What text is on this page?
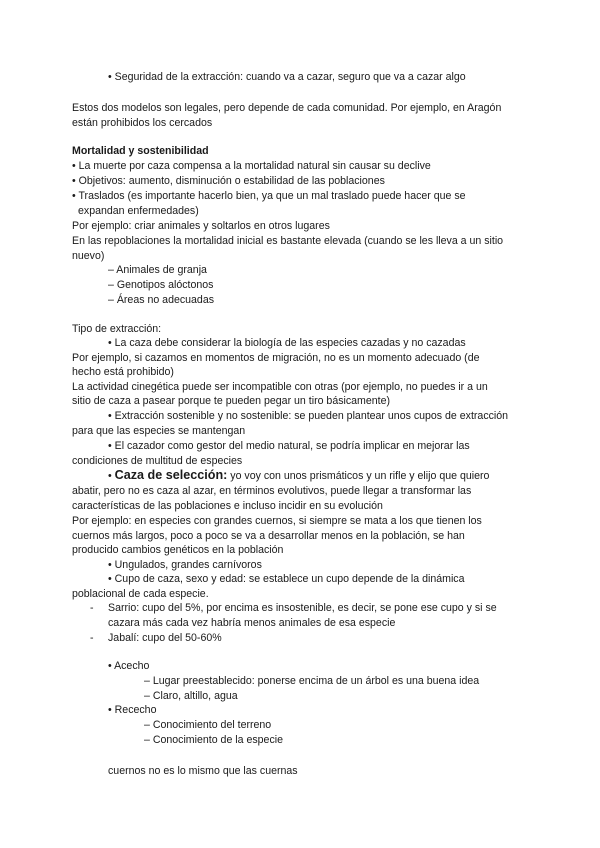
• Seguridad de la extracción: cuando va a cazar, seguro que va a cazar algo
Estos dos modelos son legales, pero depende de cada comunidad. Por ejemplo, en Aragón
están prohibidos los cercados
Mortalidad y sostenibilidad
• La muerte por caza compensa a la mortalidad natural sin causar su declive
• Objetivos: aumento, disminución o estabilidad de las poblaciones
• Traslados (es importante hacerlo bien, ya que un mal traslado puede hacer que se
expandan enfermedades)
Por ejemplo: criar animales y soltarlos en otros lugares
En las repoblaciones la mortalidad inicial es bastante elevada (cuando se les lleva a un sitio
nuevo)
– Animales de granja
– Genotipos alóctonos
– Áreas no adecuadas
Tipo de extracción:
• La caza debe considerar la biología de las especies cazadas y no cazadas
Por ejemplo, si cazamos en momentos de migración, no es un momento adecuado (de
hecho está prohibido)
La actividad cinegética puede ser incompatible con otras (por ejemplo, no puedes ir a un
sitio de caza a pasear porque te pueden pegar un tiro básicamente)
• Extracción sostenible y no sostenible: se pueden plantear unos cupos de extracción
para que las especies se mantengan
• El cazador como gestor del medio natural, se podría implicar en mejorar las
condiciones de multitud de especies
• Caza de selección: yo voy con unos prismáticos y un rifle y elijo que quiero
abatir, pero no es caza al azar, en términos evolutivos, puede llegar a transformar las
características de las poblaciones e incluso incidir en su evolución
Por ejemplo: en especies con grandes cuernos, si siempre se mata a los que tienen los
cuernos más largos, poco a poco se va a desarrollar menos en la población, se han
producido cambios genéticos en la población
• Ungulados, grandes carnívoros
• Cupo de caza, sexo y edad: se establece un cupo depende de la dinámica
poblacional de cada especie.
- Sarrio: cupo del 5%, por encima es insostenible, es decir, se pone ese cupo y si se
cazara más cada vez habría menos animales de esa especie
- Jabalí: cupo del 50-60%
• Acecho
– Lugar preestablecido: ponerse encima de un árbol es una buena idea
– Claro, altillo, agua
• Rececho
– Conocimiento del terreno
– Conocimiento de la especie
cuernos no es lo mismo que las cuernas
